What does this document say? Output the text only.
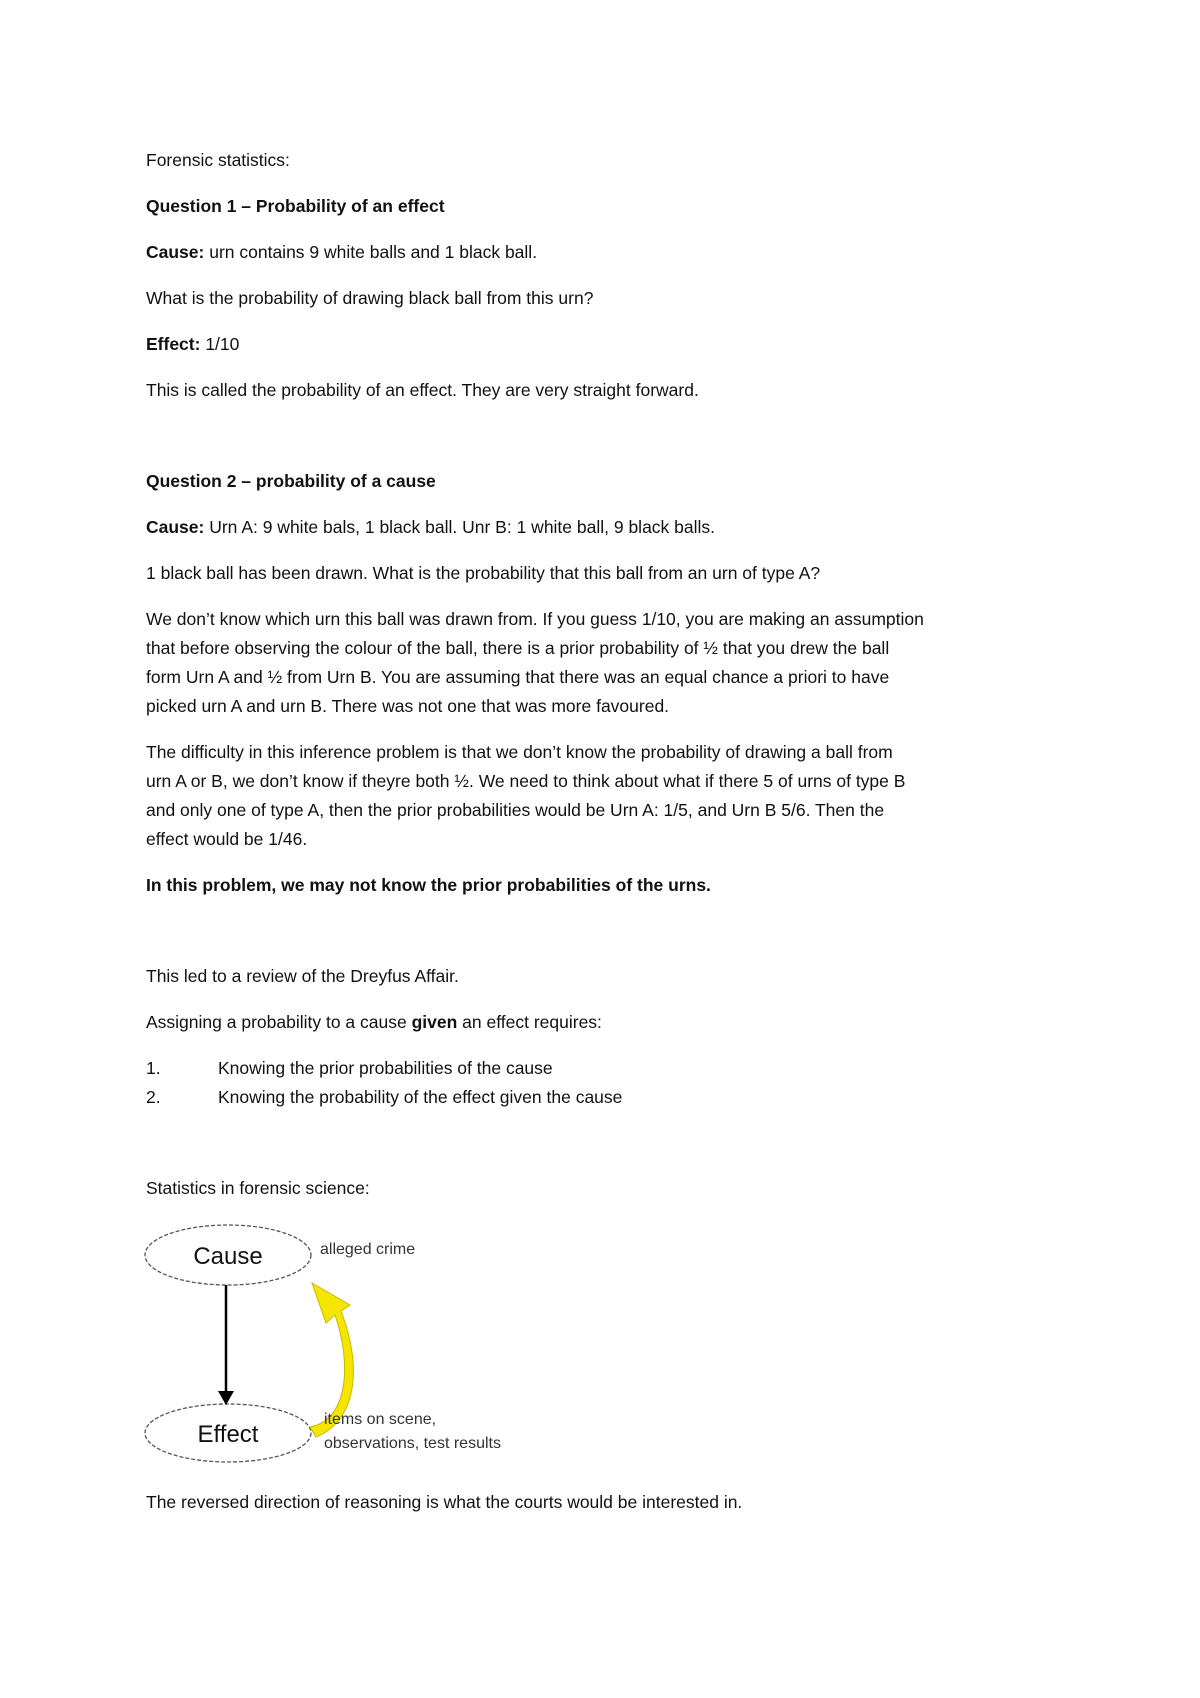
Forensic statistics:
Question 1 – Probability of an effect
Cause: urn contains 9 white balls and 1 black ball.
What is the probability of drawing black ball from this urn?
Effect: 1/10
This is called the probability of an effect. They are very straight forward.
Question 2 – probability of a cause
Cause: Urn A: 9 white bals, 1 black ball. Unr B: 1 white ball, 9 black balls.
1 black ball has been drawn. What is the probability that this ball from an urn of type A?
We don’t know which urn this ball was drawn from. If you guess 1/10, you are making an assumption
that before observing the colour of the ball, there is a prior probability of ½ that you drew the ball
form Urn A and ½ from Urn B. You are assuming that there was an equal chance a priori to have
picked urn A and urn B. There was not one that was more favoured.
The difficulty in this inference problem is that we don’t know the probability of drawing a ball from
urn A or B, we don’t know if theyre both ½. We need to think about what if there 5 of urns of type B
and only one of type A, then the prior probabilities would be Urn A: 1/5, and Urn B 5/6. Then the
effect would be 1/46.
In this problem, we may not know the prior probabilities of the urns.
This led to a review of the Dreyfus Affair.
Assigning a probability to a cause given an effect requires:
1.	Knowing the prior probabilities of the cause
2.	Knowing the probability of the effect given the cause
Statistics in forensic science:
Cause
Effect
alleged crime
items on scene,
observations, test results
The reversed direction of reasoning is what the courts would be interested in.
